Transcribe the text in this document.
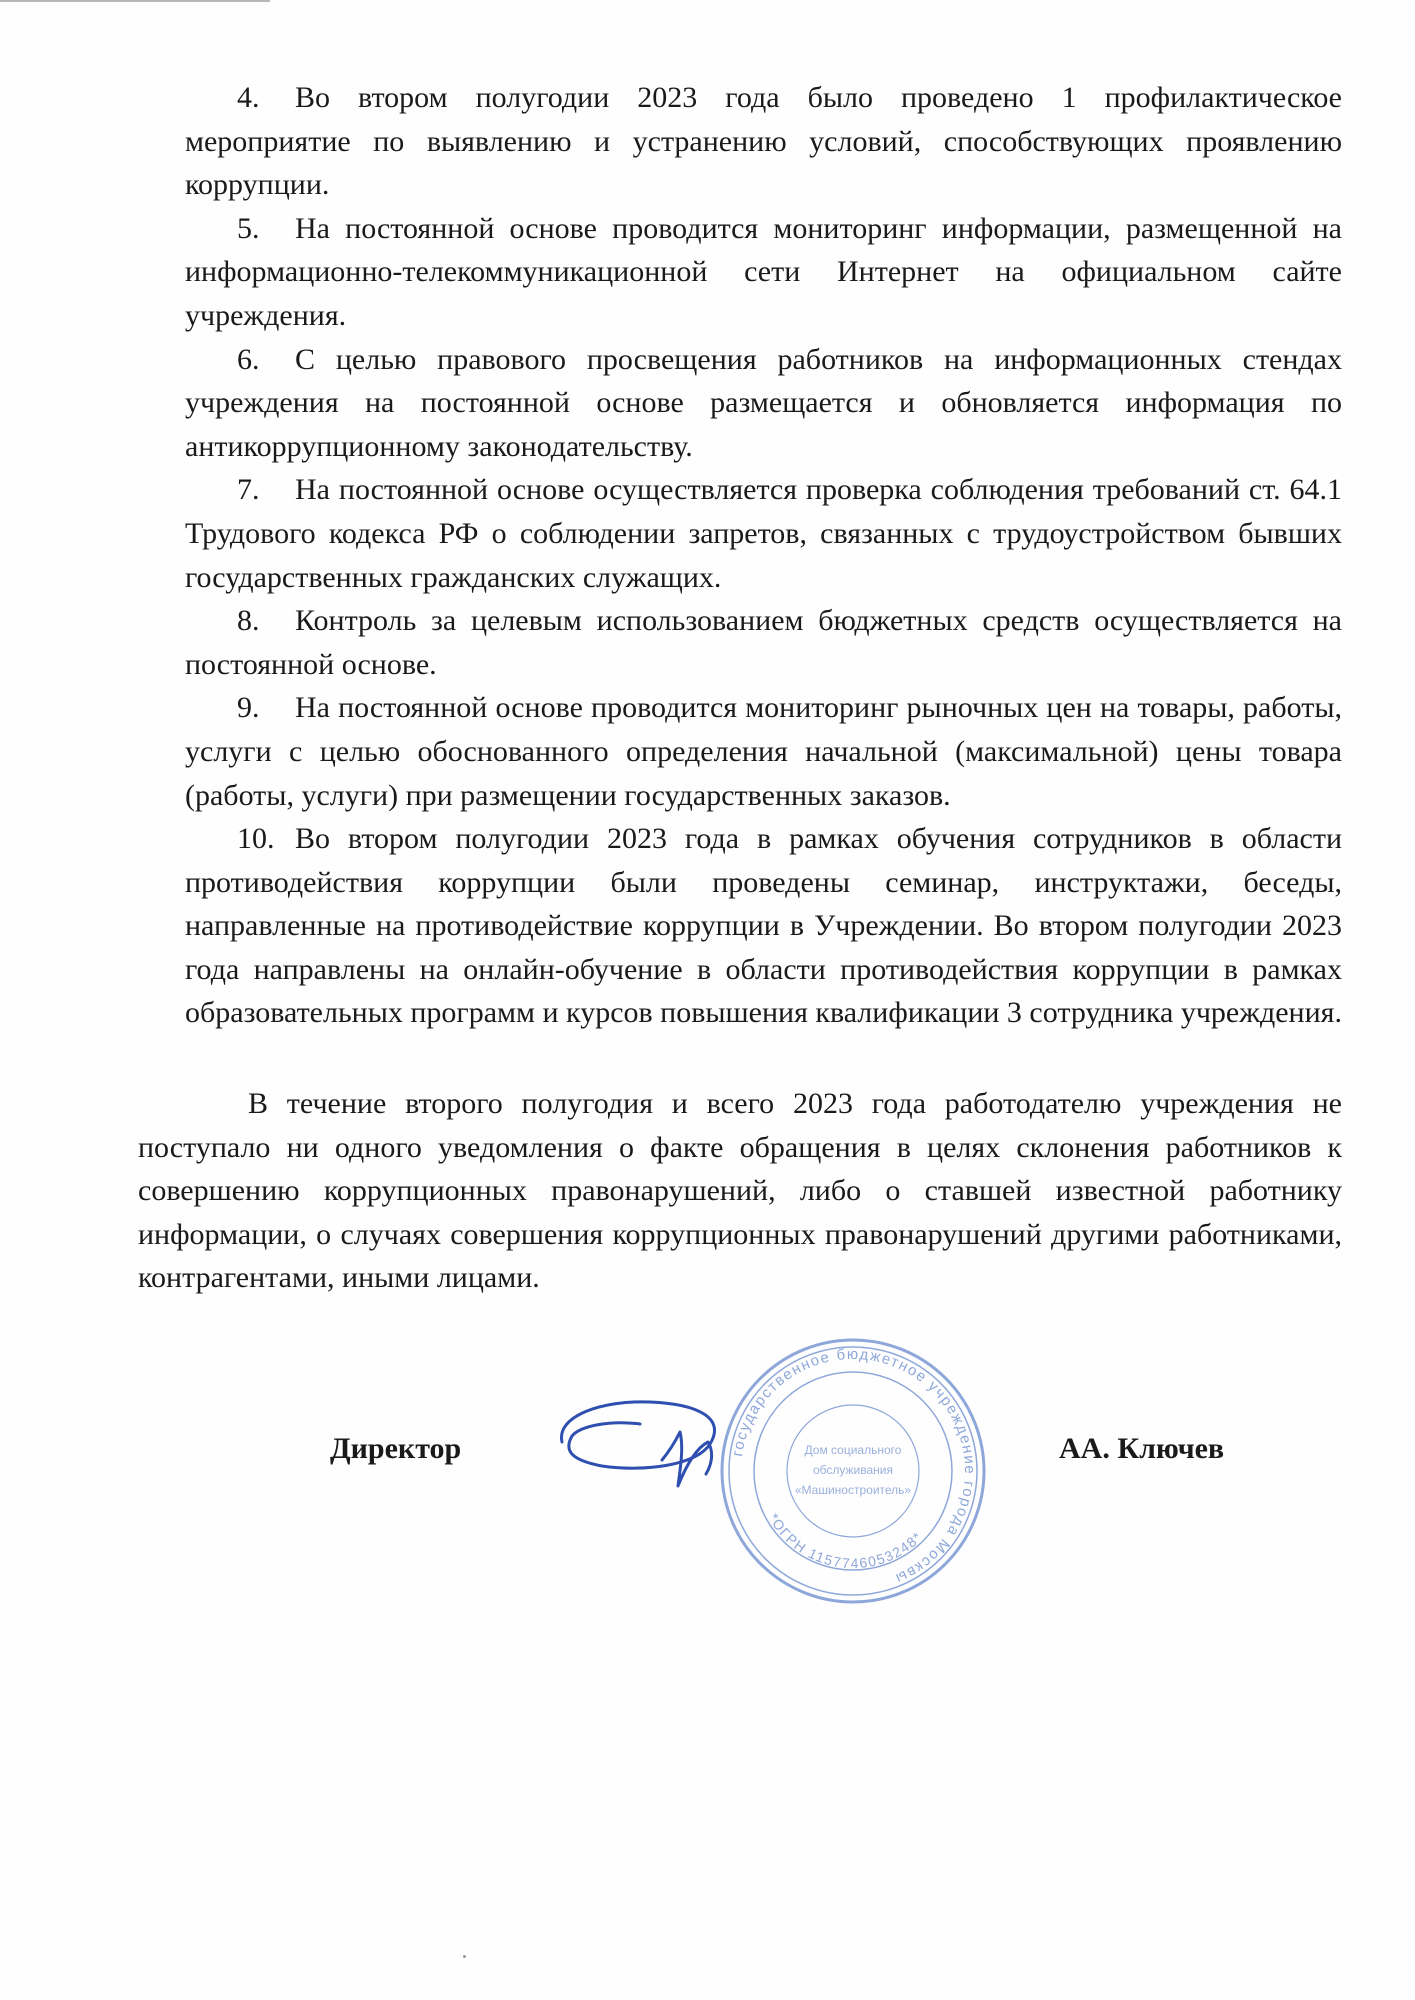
4. Во втором полугодии 2023 года было проведено 1 профилактическое мероприятие по выявлению и устранению условий, способствующих проявлению коррупции.

5. На постоянной основе проводится мониторинг информации, размещенной на информационно-телекоммуникационной сети Интернет на официальном сайте учреждения.

6. С целью правового просвещения работников на информационных стендах учреждения на постоянной основе размещается и обновляется информация по антикоррупционному законодательству.

7. На постоянной основе осуществляется проверка соблюдения требований ст. 64.1 Трудового кодекса РФ о соблюдении запретов, связанных с трудоустройством бывших государственных гражданских служащих.

8. Контроль за целевым использованием бюджетных средств осуществляется на постоянной основе.

9. На постоянной основе проводится мониторинг рыночных цен на товары, работы, услуги с целью обоснованного определения начальной (максимальной) цены товара (работы, услуги) при размещении государственных заказов.

10. Во втором полугодии 2023 года в рамках обучения сотрудников в области противодействия коррупции были проведены семинар, инструктажи, беседы, направленные на противодействие коррупции в Учреждении. Во втором полугодии 2023 года направлены на онлайн-обучение в области противодействия коррупции в рамках образовательных программ и курсов повышения квалификации 3 сотрудника учреждения.

В течение второго полугодия и всего 2023 года работодателю учреждения не поступало ни одного уведомления о факте обращения в целях склонения работников к совершению коррупционных правонарушений, либо о ставшей известной работнику информации, о случаях совершения коррупционных правонарушений другими работниками, контрагентами, иными лицами.

Директор	АА. Ключев
государственное бюджетное учреждение города Москвы
*ОГРН 1157746053248*
Дом социального
обслуживания
«Машиностроитель»
